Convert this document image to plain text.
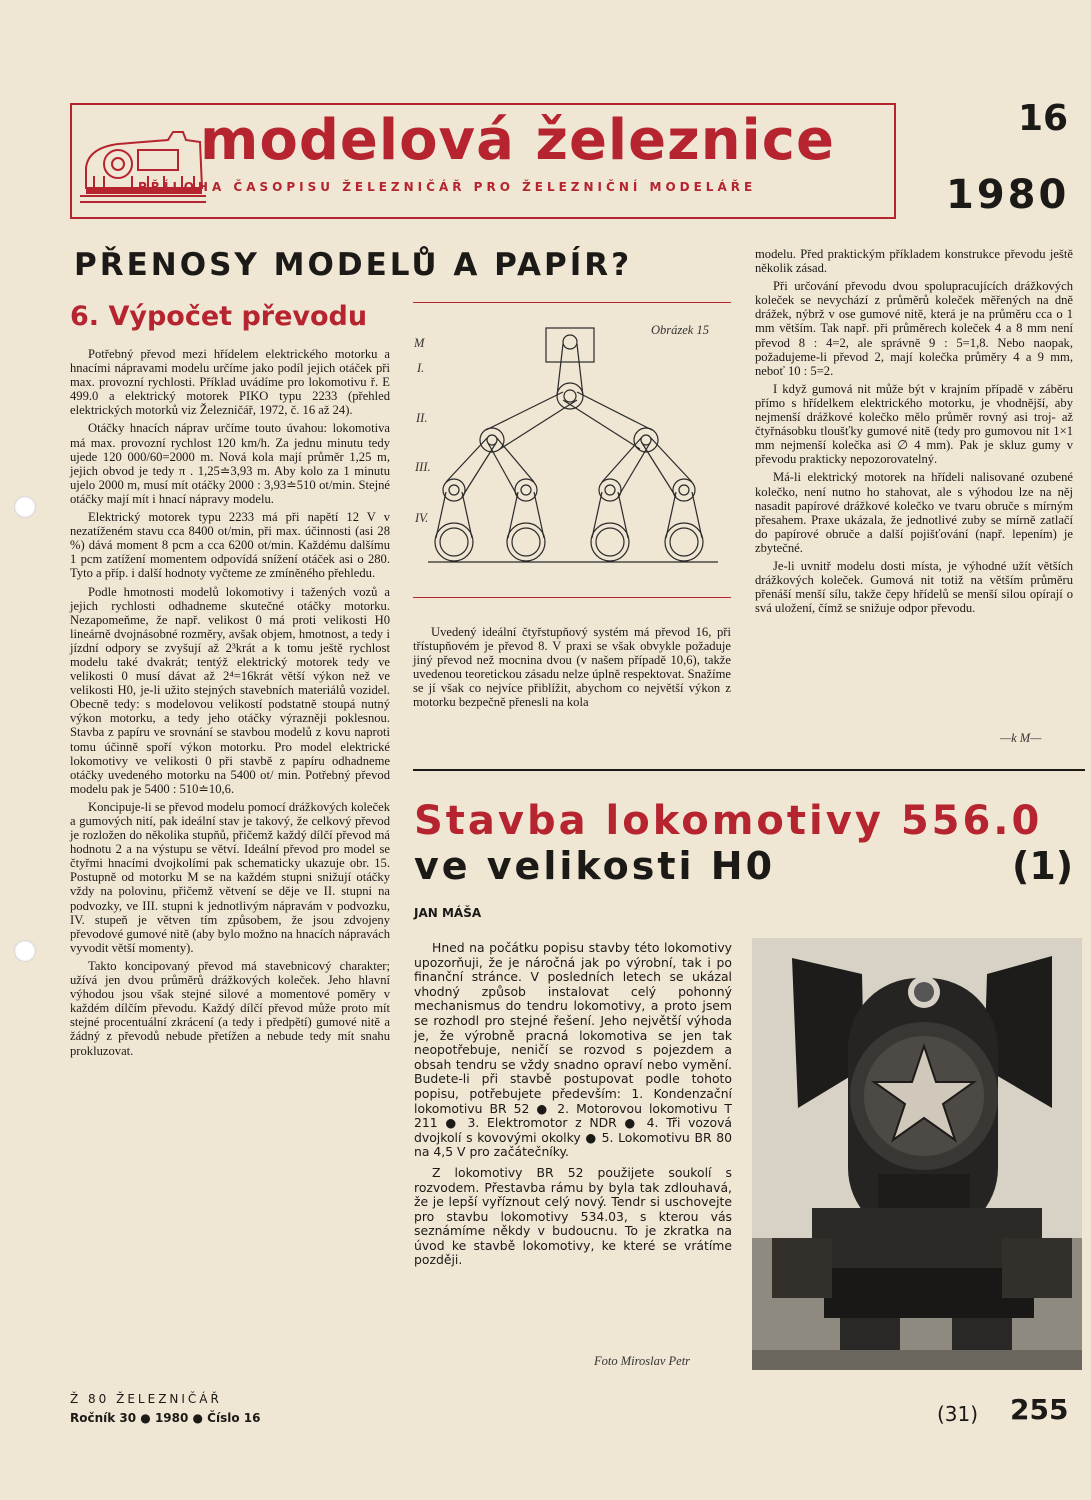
modelová železnice
PŘÍLOHA ČASOPISU ŽELEZNIČÁŘ PRO ŽELEZNIČNÍ MODELÁŘE
16
1980
PŘENOSY MODELŮ A PAPÍR?
6. Výpočet převodu

Potřebný převod mezi hřídelem elektrického motorku a hnacími nápravami modelu určíme jako podíl jejich otáček při max. provozní rychlosti. Příklad uvádíme pro lokomotivu ř. E 499.0 a elektrický motorek PIKO typu 2233 (přehled elektrických motorků viz Železničář, 1972, č. 16 až 24).

Otáčky hnacích náprav určíme touto úvahou: lokomotiva má max. provozní rychlost 120 km/h. Za jednu minutu tedy ujede 120 000/60=2000 m. Nová kola mají průměr 1,25 m, jejich obvod je tedy π . 1,25≐3,93 m. Aby kolo za 1 minutu ujelo 2000 m, musí mít otáčky 2000 : 3,93≐510 ot/min. Stejné otáčky mají mít i hnací nápravy modelu.

Elektrický motorek typu 2233 má při napětí 12 V v nezatíženém stavu cca 8400 ot/min, při max. účinnosti (asi 28 %) dává moment 8 pcm a cca 6200 ot/min. Každému dalšímu 1 pcm zatížení momentem odpovídá snížení otáček asi o 280. Tyto a příp. i další hodnoty vyčteme ze zmíněného přehledu.

Podle hmotnosti modelů lokomotivy i tažených vozů a jejich rychlosti odhadneme skutečné otáčky motorku. Nezapomeňme, že např. velikost 0 má proti velikosti H0 lineárně dvojnásobné rozměry, avšak objem, hmotnost, a tedy i jízdní odpory se zvyšují až 2³krát a k tomu ještě rychlost modelu také dvakrát; tentýž elektrický motorek tedy ve velikosti 0 musí dávat až 2⁴=16krát větší výkon než ve velikosti H0, je-li užito stejných stavebních materiálů vozidel. Obecně tedy: s modelovou velikostí podstatně stoupá nutný výkon motorku, a tedy jeho otáčky výrazněji poklesnou. Stavba z papíru ve srovnání se stavbou modelů z kovu naproti tomu účinně spoří výkon motorku. Pro model elektrické lokomotivy ve velikosti 0 při stavbě z papíru odhadneme otáčky uvedeného motorku na 5400 ot/ min. Potřebný převod modelu pak je 5400 : 510≐10,6.

Koncipuje-li se převod modelu pomocí drážkových koleček a gumových nití, pak ideální stav je takový, že celkový převod je rozložen do několika stupňů, přičemž každý dílčí převod má hodnotu 2 a na výstupu se větví. Ideální převod pro model se čtyřmi hnacími dvojkolími pak schematicky ukazuje obr. 15. Postupně od motorku M se na každém stupni snižují otáčky vždy na polovinu, přičemž větvení se děje ve II. stupni na podvozky, ve III. stupni k jednotlivým nápravám v podvozku, IV. stupeň je větven tím způsobem, že jsou zdvojeny převodové gumové nitě (aby bylo možno na hnacích nápravách vyvodit větší momenty).

Takto koncipovaný převod má stavebnicový charakter; užívá jen dvou průměrů drážkových koleček. Jeho hlavní výhodou jsou však stejné silové a momentové poměry v každém dílčím převodu. Každý dílčí převod může proto mít stejné procentuální zkrácení (a tedy i předpětí) gumové nitě a žádný z převodů nebude přetížen a nebude tedy mít snahu prokluzovat.

Obrázek 15
M
I.
II.
III.
IV.

Uvedený ideální čtyřstupňový systém má převod 16, při třístupňovém je převod 8. V praxi se však obvykle požaduje jiný převod než mocnina dvou (v našem případě 10,6), takže uvedenou teoretickou zásadu nelze úplně respektovat. Snažíme se jí však co nejvíce přiblížit, abychom co největší výkon z motorku bezpečně přenesli na kola

modelu. Před praktickým příkladem konstrukce převodu ještě několik zásad.

Při určování převodu dvou spolupracujících drážkových koleček se nevychází z průměrů koleček měřených na dně drážek, nýbrž v ose gumové nitě, která je na průměru cca o 1 mm větším. Tak např. při průměrech koleček 4 a 8 mm není převod 8 : 4=2, ale správně 9 : 5=1,8. Nebo naopak, požadujeme-li převod 2, mají kolečka průměry 4 a 9 mm, neboť 10 : 5=2.

I když gumová nit může být v krajním případě v záběru přímo s hřídelkem elektrického motorku, je vhodnější, aby nejmenší drážkové kolečko mělo průměr rovný asi troj- až čtyřnásobku tloušťky gumové nitě (tedy pro gumovou nit 1×1 mm nejmenší kolečka asi ∅ 4 mm). Pak je skluz gumy v převodu prakticky nepozorovatelný.

Má-li elektrický motorek na hřídeli nalisované ozubené kolečko, není nutno ho stahovat, ale s výhodou lze na něj nasadit papírové drážkové kolečko ve tvaru obruče s mírným přesahem. Praxe ukázala, že jednotlivé zuby se mírně zatlačí do papírové obruče a další pojišťování (např. lepením) je zbytečné.

Je-li uvnitř modelu dosti místa, je výhodné užít větších drážkových koleček. Gumová nit totiž na větším průměru přenáší menší sílu, takže čepy hřídelů se menší silou opírají o svá uložení, čímž se snižuje odpor převodu.

—k M—
Stavba lokomotivy 556.0
ve velikosti H0	(1)
JAN MÁŠA

Hned na počátku popisu stavby této lokomotivy upozorňuji, že je náročná jak po výrobní, tak i po finanční stránce. V posledních letech se ukázal vhodný způsob instalovat celý pohonný mechanismus do tendru lokomotivy, a proto jsem se rozhodl pro stejné řešení. Jeho největší výhoda je, že výrobně pracná lokomotiva se jen tak neopotřebuje, neničí se rozvod s pojezdem a obsah tendru se vždy snadno opraví nebo vymění. Budete-li při stavbě postupovat podle tohoto popisu, potřebujete především: 1. Kondenzační lokomotivu BR 52 ● 2. Motorovou lokomotivu T 211 ● 3. Elektromotor z NDR ● 4. Tři vozová dvojkolí s kovovými okolky ● 5. Lokomotivu BR 80 na 4,5 V pro začátečníky.

Z lokomotivy BR 52 použijete soukolí s rozvodem. Přestavba rámu by byla tak zdlouhavá, že je lepší vyříznout celý nový. Tendr si uschovejte pro stavbu lokomotivy 534.03, s kterou vás seznámíme někdy v budoucnu. To je zkratka na úvod ke stavbě lokomotivy, ke které se vrátíme později.

Foto Miroslav Petr
Ž 80 ŽELEZNIČÁŘ
Ročník 30 ● 1980 ● Číslo 16	(31) 255
